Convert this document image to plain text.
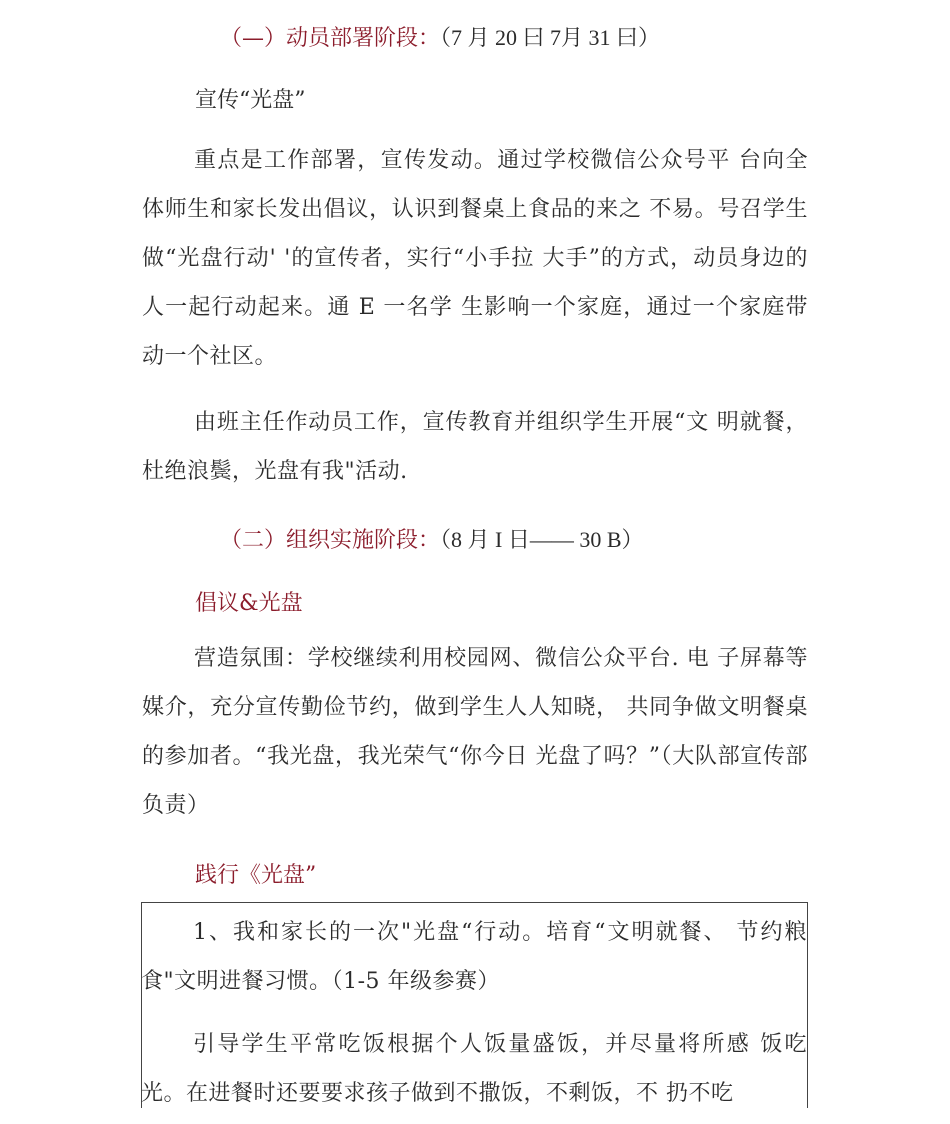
（—）动员部署阶段：（7 月 20 曰 7月 31 曰）
宣传“光盘”
重点是工作部署，宣传发动。通过学校微信公众号平 台向全体师生和家长发出倡议，认识到餐桌上食品的来之 不易。号召学生做“光盘行动' '的宣传者，实行“小手拉 大手”的方式，动员身边的人一起行动起来。通 E 一名学 生影响一个家庭，通过一个家庭带动一个社区。
由班主任作动员工作，宣传教育并组织学生开展“文 明就餐，杜绝浪鬓，光盘有我"活动.
（二）组织实施阶段：（8 月 I 日—— 30 B）
倡议&光盘
营造氛围：学校继续利用校园网、微信公众平台. 电 子屏幕等媒介，充分宣传勤俭节约，做到学生人人知晓， 共同争做文明餐桌的参加者。“我光盘，我光荣气“你今日 光盘了吗？”（大队部宣传部负责）
践行《光盘”
1、我和家长的一次"光盘“行动。培育“文明就餐、 节约粮食"文明进餐习惯。（1-5 年级参赛）
引导学生平常吃饭根据个人饭量盛饭，并尽量将所感 饭吃光。在进餐时还要要求孩子做到不撒饭，不剩饭，不 扔不吃
